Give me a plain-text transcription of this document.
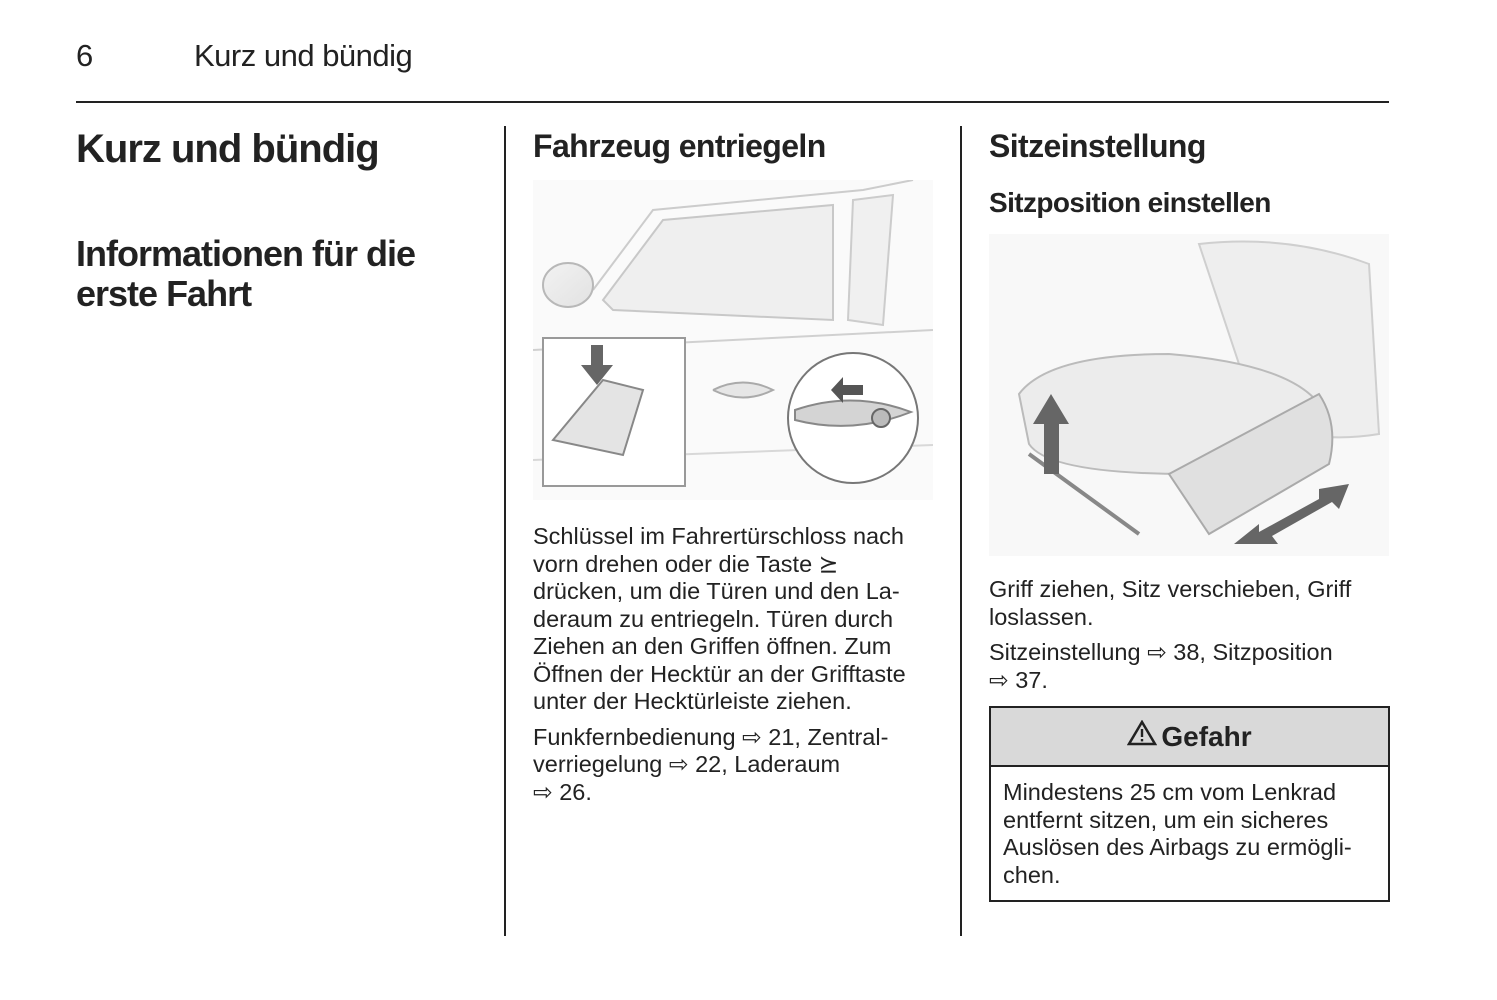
6	Kurz und bündig
Kurz und bündig
Informationen für die erste Fahrt
Fahrzeug entriegeln

Schlüssel im Fahrertürschloss nach
vorn drehen oder die Taste ⪰
drücken, um die Türen und den La-
deraum zu entriegeln. Türen durch
Ziehen an den Griffen öffnen. Zum
Öffnen der Hecktür an der Grifftaste
unter der Hecktürleiste ziehen.

Funkfernbedienung ⇨ 21, Zentral-
verriegelung ⇨ 22, Laderaum
⇨ 26.

Sitzeinstellung
Sitzposition einstellen

Griff ziehen, Sitz verschieben, Griff
loslassen.

Sitzeinstellung ⇨ 38, Sitzposition
⇨ 37.

Gefahr
Mindestens 25 cm vom Lenkrad
entfernt sitzen, um ein sicheres
Auslösen des Airbags zu ermögli-
chen.
